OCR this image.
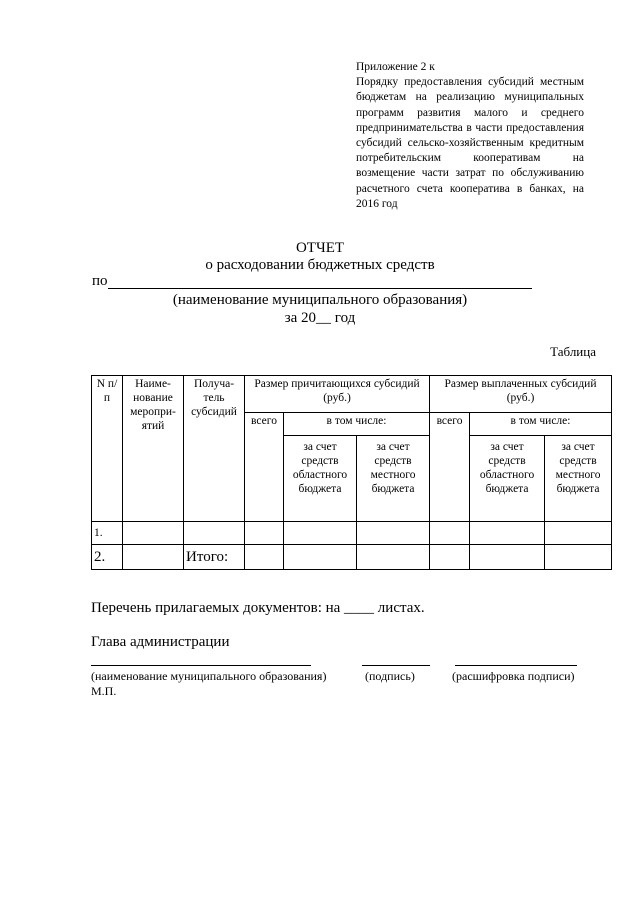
Приложение 2 к
Порядку предоставления субсидий местным бюджетам на реализацию муниципальных программ развития малого и среднего предпринимательства в части предоставления субсидий сельско-хозяйственным кредитным потребительским кооперативам на возмещение части затрат по обслуживанию расчетного счета кооператива в банках, на 2016 год
ОТЧЕТ
о расходовании бюджетных средств
по
(наименование муниципального образования)
за 20__ год
Таблица
N п/п	Наиме-нование меропри-ятий	Получа-тель субсидий	Размер причитающихся субсидий (руб.)			Размер выплаченных субсидий (руб.)		
			всего	в том числе:		всего	в том числе:	
				за счет средств областного бюджета	за счет средств местного бюджета		за счет средств областного бюджета	за счет средств местного бюджета
1.								
2.		Итого:						
Перечень прилагаемых документов: на ____ листах.
Глава администрации
(наименование муниципального образования)	(подпись)	(расшифровка подписи)
М.П.
